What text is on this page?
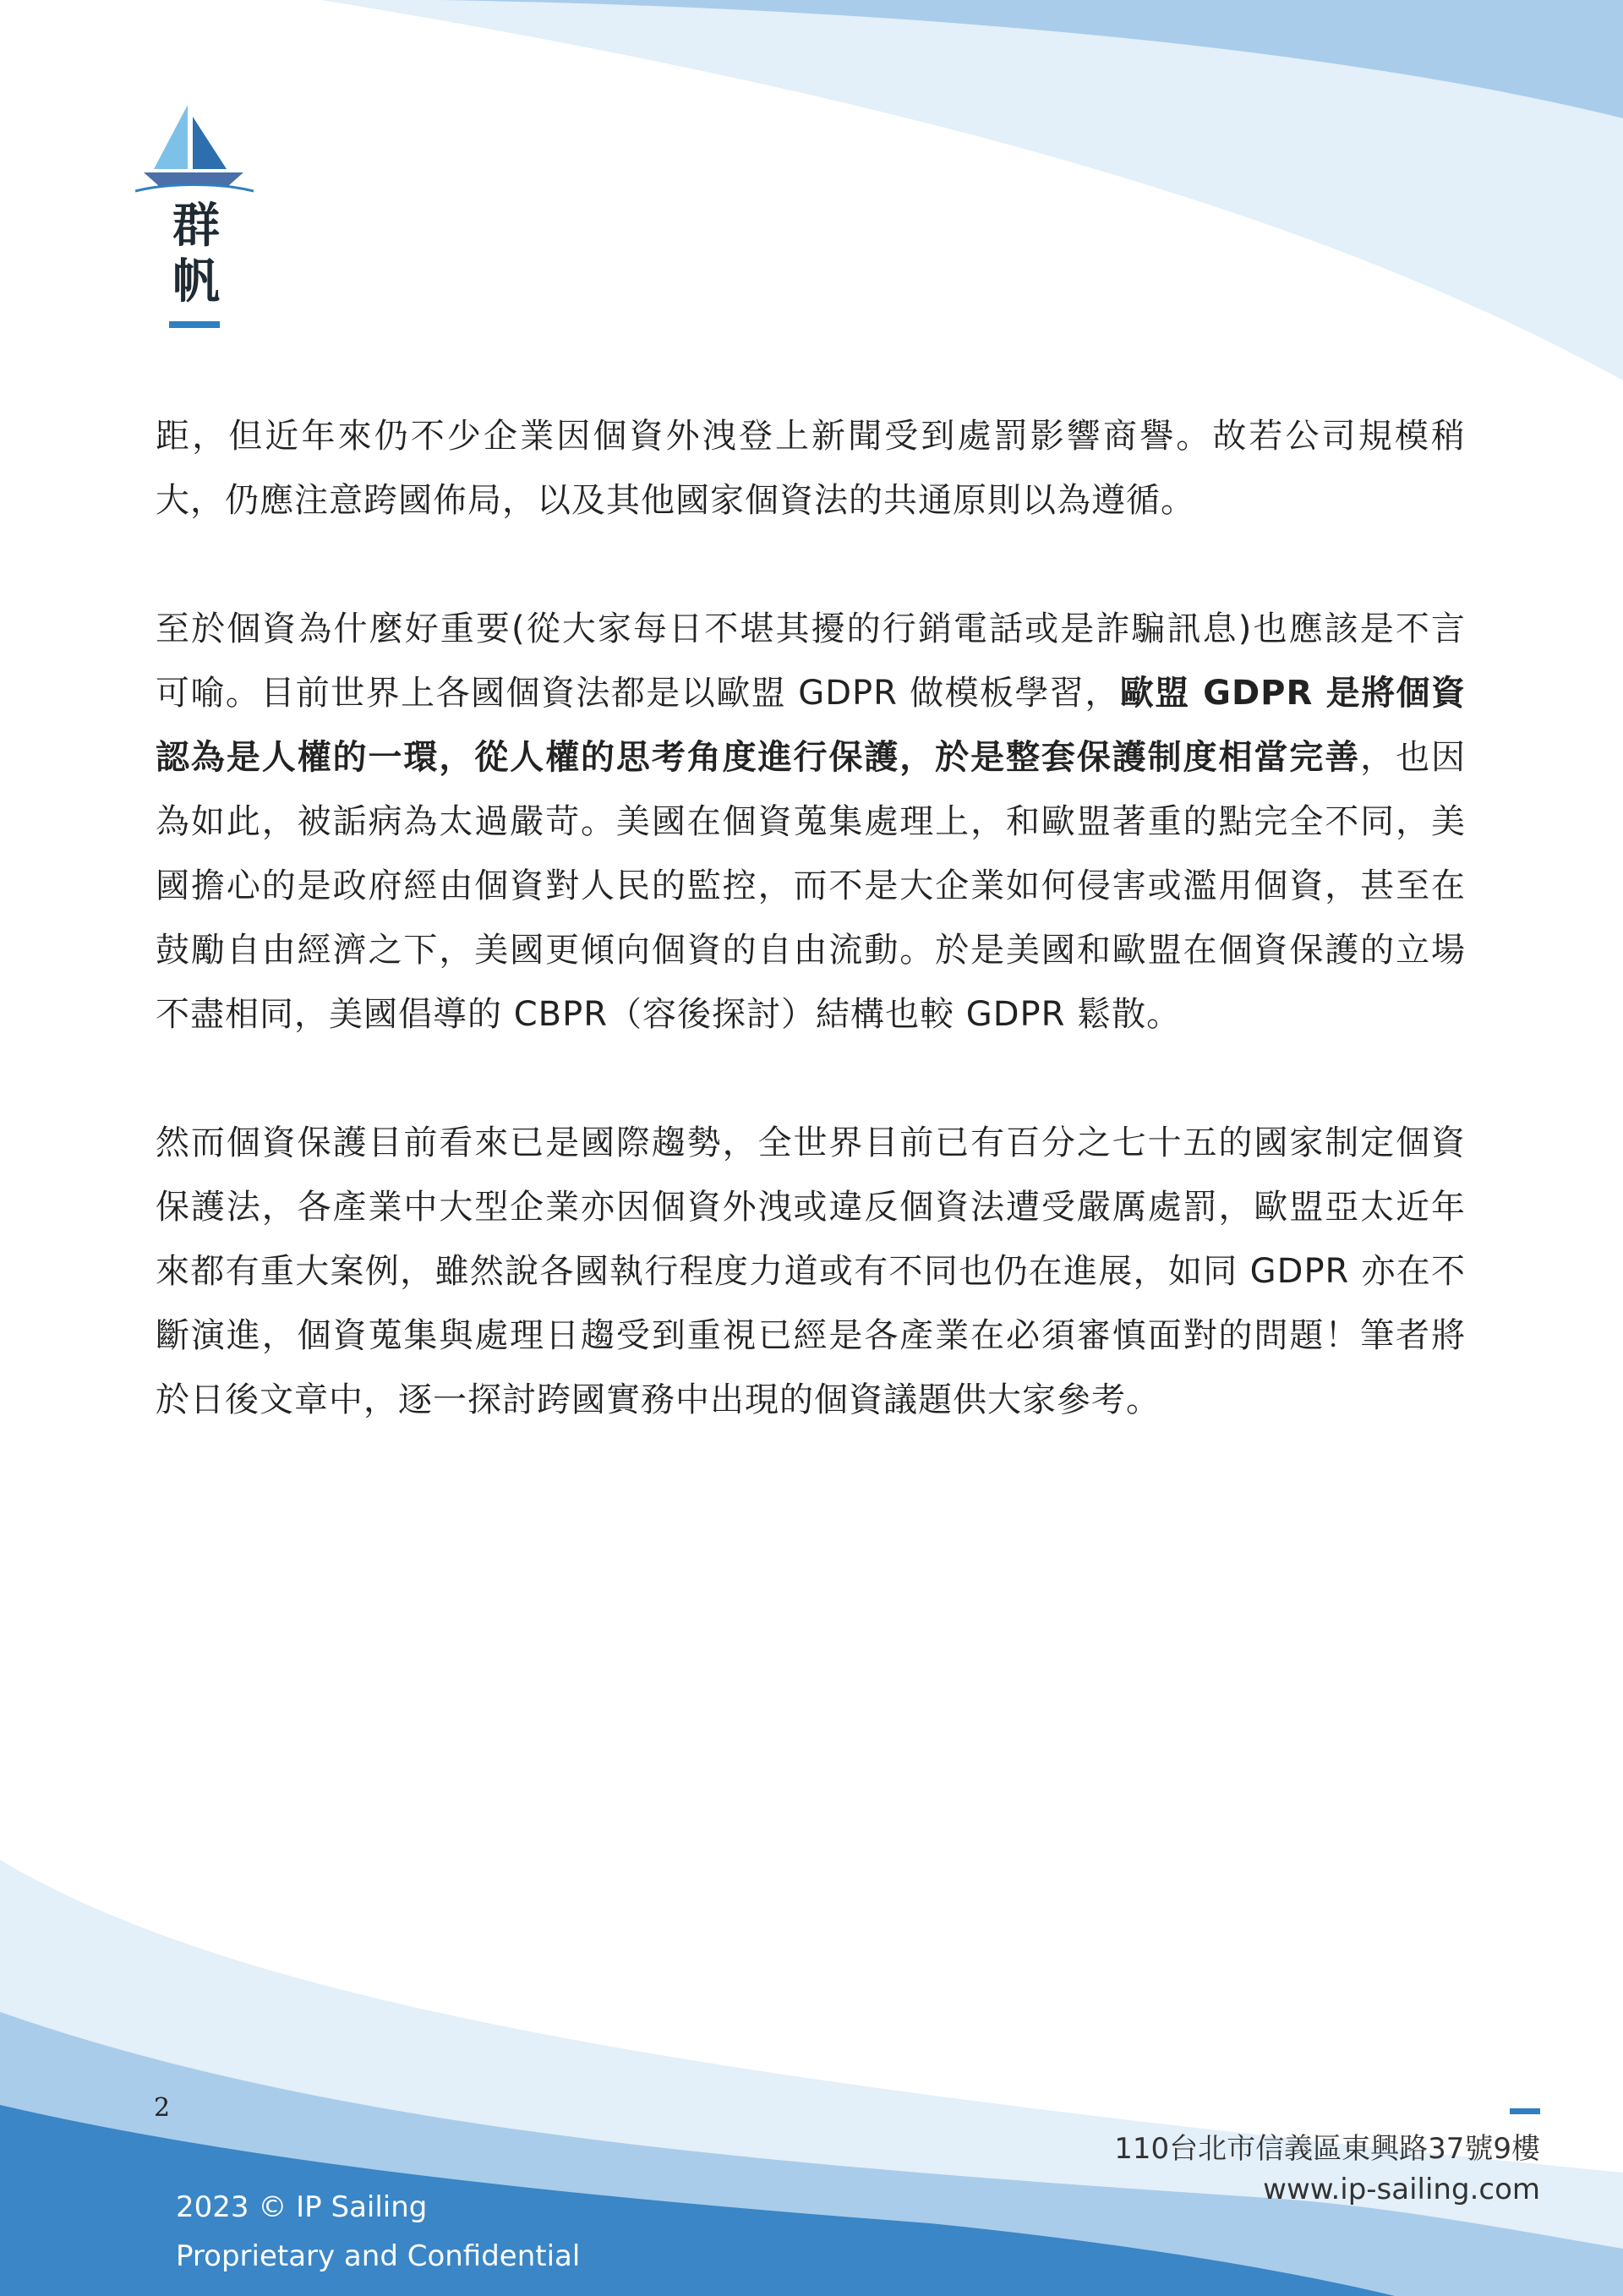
群
帆

距，但近年來仍不少企業因個資外洩登上新聞受到處罰影響商譽。故若公司規模稍大，仍應注意跨國佈局，以及其他國家個資法的共通原則以為遵循。

至於個資為什麼好重要(從大家每日不堪其擾的行銷電話或是詐騙訊息)也應該是不言可喻。目前世界上各國個資法都是以歐盟 GDPR 做模板學習，歐盟 GDPR 是將個資認為是人權的一環，從人權的思考角度進行保護，於是整套保護制度相當完善，也因為如此，被詬病為太過嚴苛。美國在個資蒐集處理上，和歐盟著重的點完全不同，美國擔心的是政府經由個資對人民的監控，而不是大企業如何侵害或濫用個資，甚至在鼓勵自由經濟之下，美國更傾向個資的自由流動。於是美國和歐盟在個資保護的立場不盡相同，美國倡導的 CBPR（容後探討）結構也較 GDPR 鬆散。

然而個資保護目前看來已是國際趨勢，全世界目前已有百分之七十五的國家制定個資保護法，各產業中大型企業亦因個資外洩或違反個資法遭受嚴厲處罰，歐盟亞太近年來都有重大案例，雖然說各國執行程度力道或有不同也仍在進展，如同 GDPR 亦在不斷演進，個資蒐集與處理日趨受到重視已經是各產業在必須審慎面對的問題！筆者將於日後文章中，逐一探討跨國實務中出現的個資議題供大家參考。

2
110台北市信義區東興路37號9樓
www.ip-sailing.com
2023 © IP Sailing
Proprietary and Confidential
